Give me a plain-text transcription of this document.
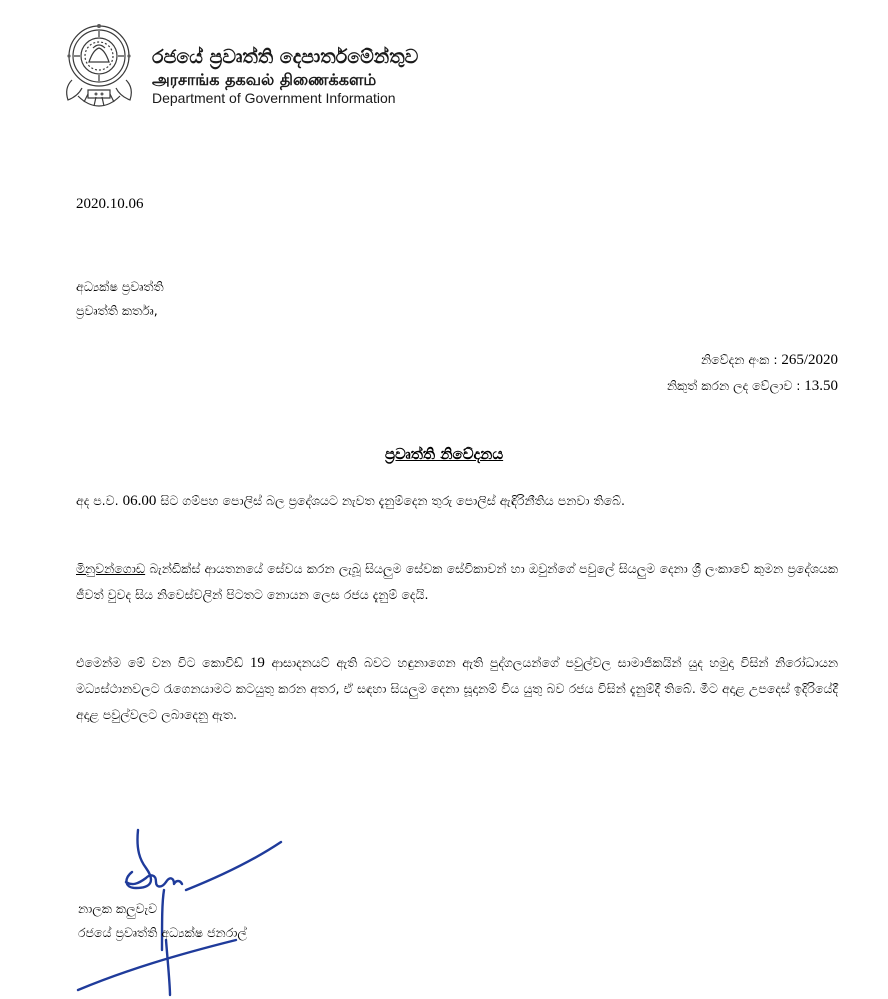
රජයේ ප්‍රවෘත්ති දෙපාර්තමේන්තුව
அரசாங்க தகவல் திணைக்களம்
Department of Government Information
2020.10.06
අධ්‍යක්ෂ ප්‍රවෘත්ති
ප්‍රවෘත්ති කර්තෘ,
නිවේදන අංක : 265/2020
නිකුත් කරන ලද වේලාව : 13.50
ප්‍රවෘත්ති නිවේදනය
අද ප.ව. 06.00 සිට ගම්පහ පොලිස් බල ප්‍රදේශයට නැවත දැනුම්දෙන තුරු පොලිස් ඇඳිරිනීතිය පනවා තිබේ.
මිනුවන්ගොඩ බැන්ඩික්ස් ආයතනයේ සේවය කරන ලැබූ සියලුම සේවක සේවිකාවන් හා ඔවුන්ගේ පවුලේ සියලුම දෙනා ශ්‍රී ලංකාවේ කුමන ප්‍රදේශයක ජීවත් වුවද සිය නිවෙස්වලින් පිටතට නොයන ලෙස රජය දැනුම් දෙයි.
එමෙන්ම මේ වන විට කොවිඩ් 19 ආසාදනයට් ඇති බවට හඳුනාගෙන ඇති පුද්ගලයන්ගේ පවුල්වල සාමාජිකයින් යුද හමුදා විසින් නිරෝධායන මධ්‍යස්ථානවලට රැගෙනයාමට කටයුතු කරන අතර, ඒ සඳහා සියලුම දෙනා සූදානම් විය යුතු බව රජය විසින් දැනුම්දී තිබේ. මීට අදාළ උපදෙස් ඉදිරියේදී අදාළ පවුල්වලට ලබාදෙනු ඇත.
නාලක කලුවැව
රජයේ ප්‍රවෘත්ති අධ්‍යක්ෂ ජනරාල්
